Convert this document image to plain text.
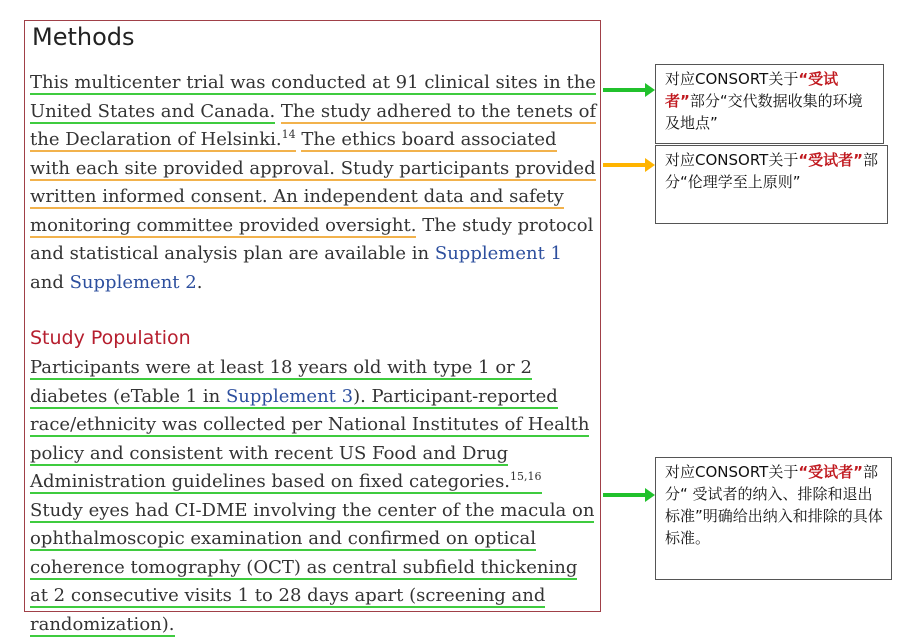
Methods

This multicenter trial was conducted at 91 clinical sites in the United States and Canada. The study adhered to the tenets of the Declaration of Helsinki.$^{14}$ The ethics board associated with each site provided approval. Study participants provided written informed consent. An independent data and safety monitoring committee provided oversight. The study protocol and statistical analysis plan are available in Supplement 1 and Supplement 2.

Study Population

Participants were at least 18 years old with type 1 or 2 diabetes (eTable 1 in Supplement 3). Participant-reported race/ethnicity was collected per National Institutes of Health policy and consistent with recent US Food and Drug Administration guidelines based on fixed categories.$^{15,16}$ Study eyes had CI-DME involving the center of the macula on ophthalmoscopic examination and confirmed on optical coherence tomography (OCT) as central subfield thickening at 2 consecutive visits 1 to 28 days apart (screening and randomization).

对应CONSORT关于“受试者”部分“交代数据收集的环境及地点”
对应CONSORT关于“受试者”部分“伦理学至上原则”
对应CONSORT关于“受试者”部分“ 受试者的纳入、排除和退出标准”明确给出纳入和排除的具体标准。
